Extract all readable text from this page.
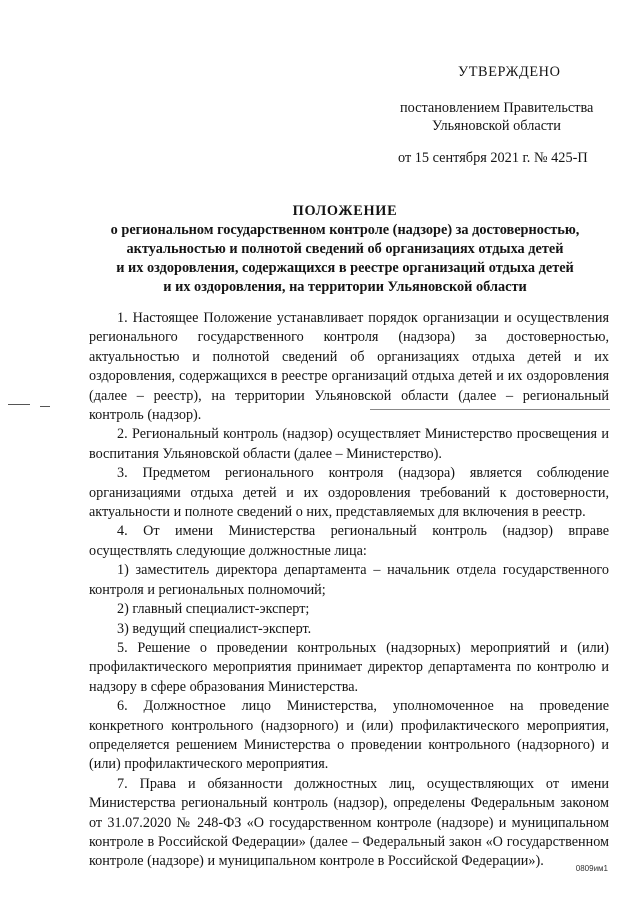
УТВЕРЖДЕНО
постановлением Правительства
Ульяновской области
от 15 сентября 2021 г. № 425-П
ПОЛОЖЕНИЕ
о региональном государственном контроле (надзоре) за достоверностью,
актуальностью и полнотой сведений об организациях отдыха детей
и их оздоровления, содержащихся в реестре организаций отдыха детей
и их оздоровления, на территории Ульяновской области

1. Настоящее Положение устанавливает порядок организации и осуществления регионального государственного контроля (надзора) за достоверностью, актуальностью и полнотой сведений об организациях отдыха детей и их оздоровления, содержащихся в реестре организаций отдыха детей и их оздоровления (далее – реестр), на территории Ульяновской области (далее – региональный контроль (надзор).

2. Региональный контроль (надзор) осуществляет Министерство просвещения и воспитания Ульяновской области (далее – Министерство).

3. Предметом регионального контроля (надзора) является соблюдение организациями отдыха детей и их оздоровления требований к достоверности, актуальности и полноте сведений о них, представляемых для включения в реестр.

4. От имени Министерства региональный контроль (надзор) вправе осуществлять следующие должностные лица:

1) заместитель директора департамента – начальник отдела государственного контроля и региональных полномочий;

2) главный специалист-эксперт;

3) ведущий специалист-эксперт.

5. Решение о проведении контрольных (надзорных) мероприятий и (или) профилактического мероприятия принимает директор департамента по контролю и надзору в сфере образования Министерства.

6. Должностное лицо Министерства, уполномоченное на проведение конкретного контрольного (надзорного) и (или) профилактического мероприятия, определяется решением Министерства о проведении контрольного (надзорного) и (или) профилактического мероприятия.

7. Права и обязанности должностных лиц, осуществляющих от имени Министерства региональный контроль (надзор), определены Федеральным законом от 31.07.2020 № 248-ФЗ «О государственном контроле (надзоре) и муниципальном контроле в Российской Федерации» (далее – Федеральный закон «О государственном контроле (надзоре) и муниципальном контроле в Российской Федерации»).	0809им1
